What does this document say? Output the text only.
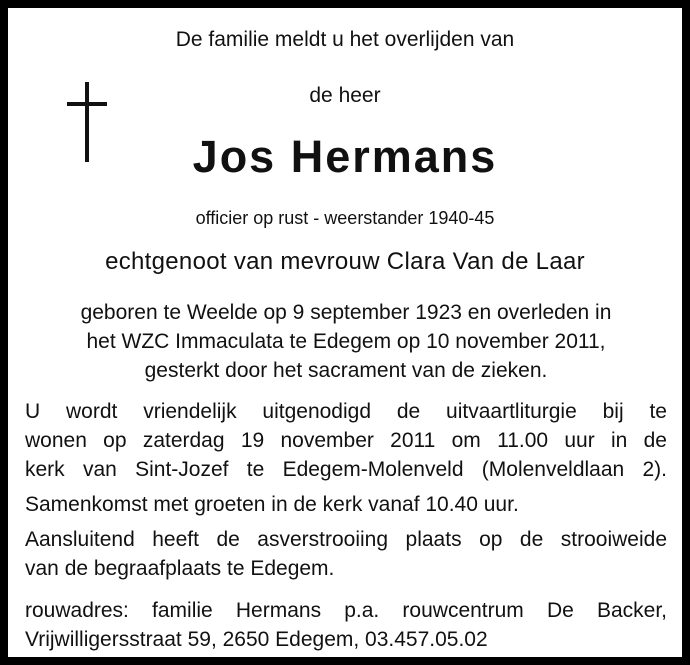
De familie meldt u het overlijden van
de heer
Jos Hermans
officier op rust - weerstander 1940-45
echtgenoot van mevrouw Clara Van de Laar
geboren te Weelde op 9 september 1923 en overleden in
het WZC Immaculata te Edegem op 10 november 2011,
gesterkt door het sacrament van de zieken.
U wordt vriendelijk uitgenodigd de uitvaartliturgie bij te
wonen op zaterdag 19 november 2011 om 11.00 uur in de
kerk van Sint-Jozef te Edegem-Molenveld (Molenveldlaan 2).
Samenkomst met groeten in de kerk vanaf 10.40 uur.
Aansluitend heeft de asverstrooiing plaats op de strooiweide
van de begraafplaats te Edegem.
rouwadres: familie Hermans p.a. rouwcentrum De Backer,
Vrijwilligersstraat 59, 2650 Edegem, 03.457.05.02
